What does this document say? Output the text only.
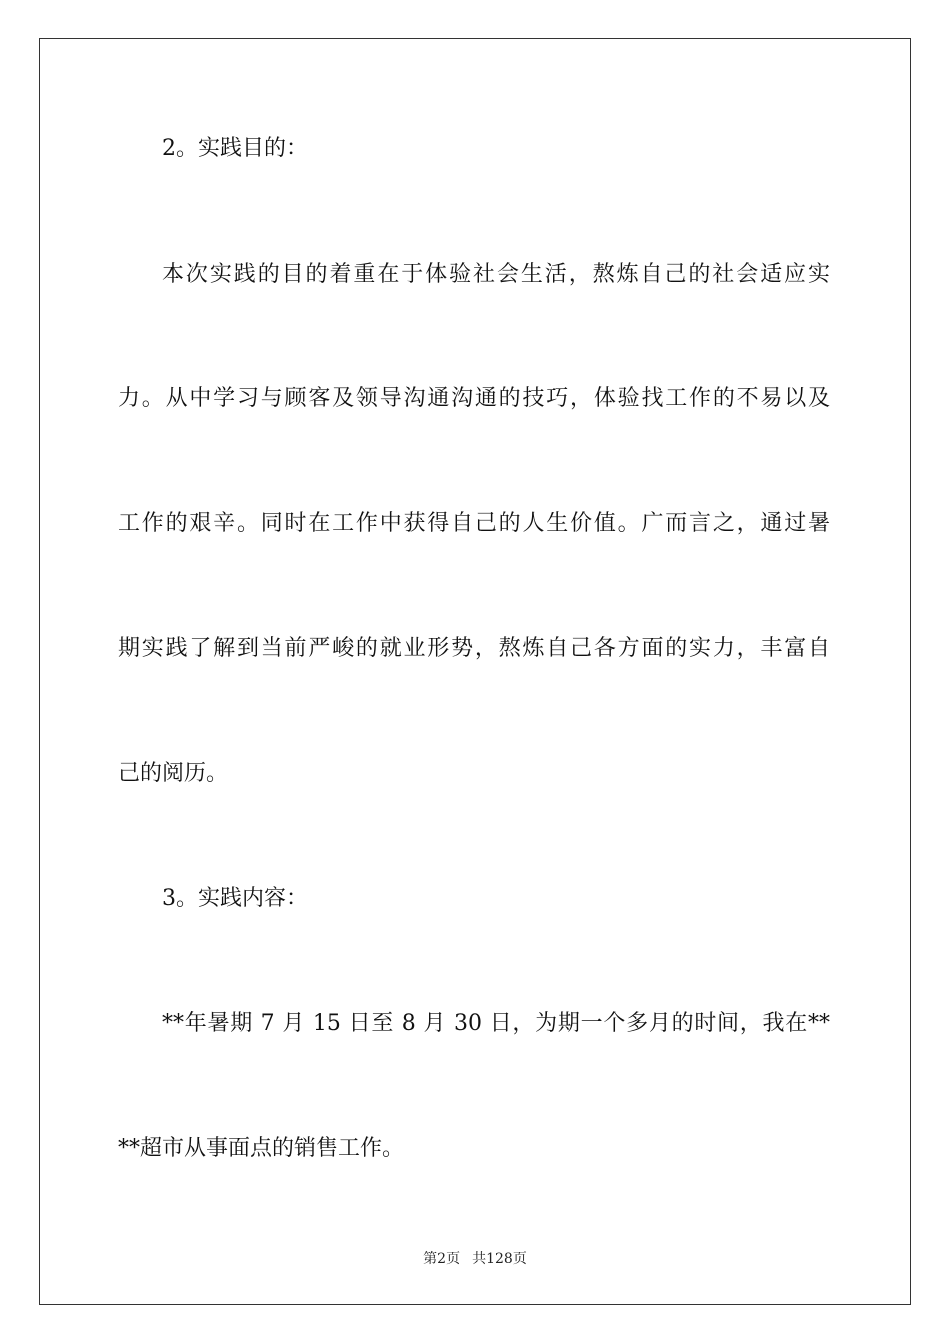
2。实践目的：

本次实践的目的着重在于体验社会生活，熬炼自己的社会适应实

力。从中学习与顾客及领导沟通沟通的技巧，体验找工作的不易以及

工作的艰辛。同时在工作中获得自己的人生价值。广而言之，通过暑

期实践了解到当前严峻的就业形势，熬炼自己各方面的实力，丰富自

己的阅历。

3。实践内容：

**年暑期 7 月 15 日至 8 月 30 日，为期一个多月的时间，我在**

**超市从事面点的销售工作。

第2页 共128页
